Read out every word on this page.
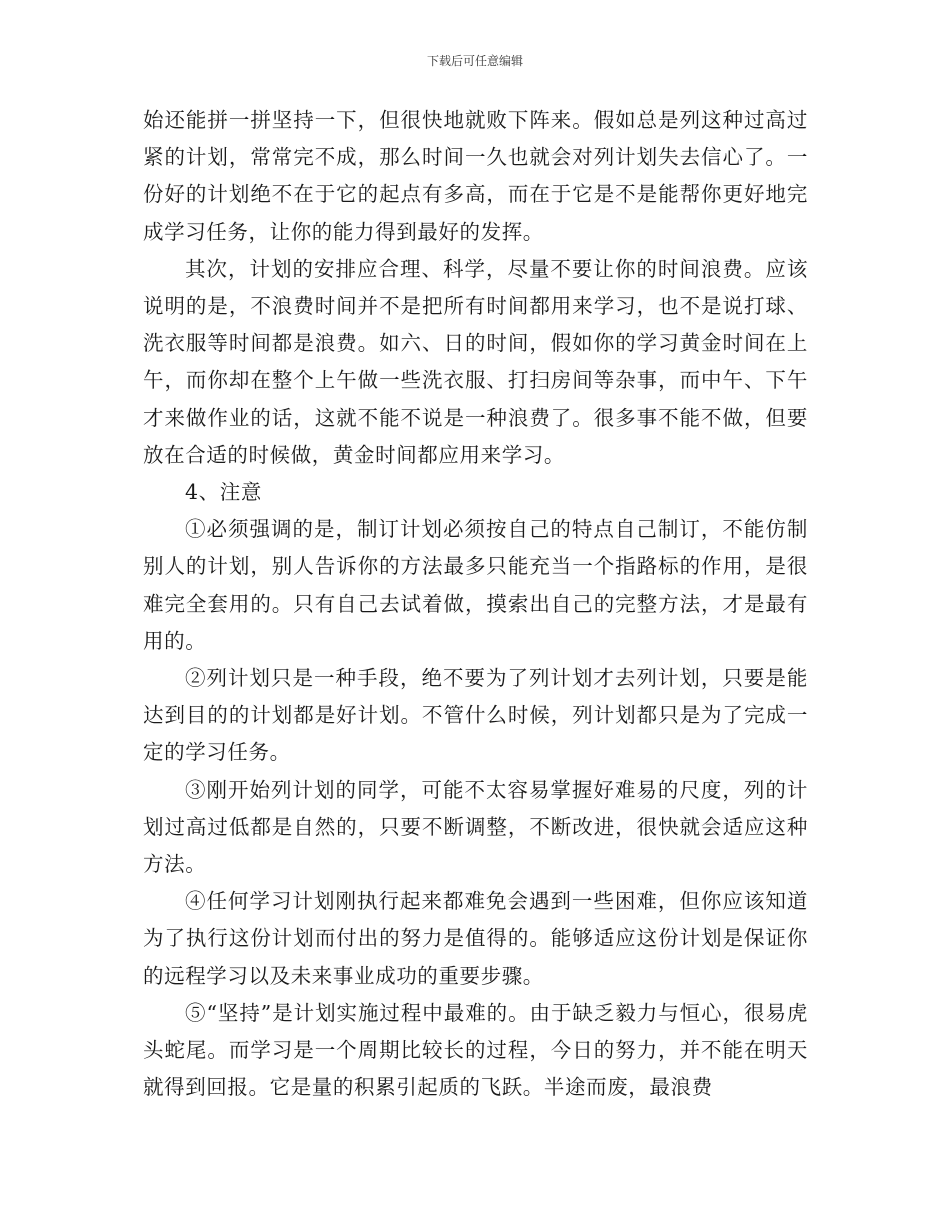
下载后可任意编辑

始还能拼一拼坚持一下，但很快地就败下阵来。假如总是列这种过高过紧的计划，常常完不成，那么时间一久也就会对列计划失去信心了。一份好的计划绝不在于它的起点有多高，而在于它是不是能帮你更好地完成学习任务，让你的能力得到最好的发挥。

其次，计划的安排应合理、科学，尽量不要让你的时间浪费。应该说明的是，不浪费时间并不是把所有时间都用来学习，也不是说打球、洗衣服等时间都是浪费。如六、日的时间，假如你的学习黄金时间在上午，而你却在整个上午做一些洗衣服、打扫房间等杂事，而中午、下午才来做作业的话，这就不能不说是一种浪费了。很多事不能不做，但要放在合适的时候做，黄金时间都应用来学习。

4、注意

①必须强调的是，制订计划必须按自己的特点自己制订，不能仿制别人的计划，别人告诉你的方法最多只能充当一个指路标的作用，是很难完全套用的。只有自己去试着做，摸索出自己的完整方法，才是最有用的。

②列计划只是一种手段，绝不要为了列计划才去列计划，只要是能达到目的的计划都是好计划。不管什么时候，列计划都只是为了完成一定的学习任务。

③刚开始列计划的同学，可能不太容易掌握好难易的尺度，列的计划过高过低都是自然的，只要不断调整，不断改进，很快就会适应这种方法。

④任何学习计划刚执行起来都难免会遇到一些困难，但你应该知道为了执行这份计划而付出的努力是值得的。能够适应这份计划是保证你的远程学习以及未来事业成功的重要步骤。

⑤“坚持”是计划实施过程中最难的。由于缺乏毅力与恒心，很易虎头蛇尾。而学习是一个周期比较长的过程，今日的努力，并不能在明天就得到回报。它是量的积累引起质的飞跃。半途而废，最浪费
